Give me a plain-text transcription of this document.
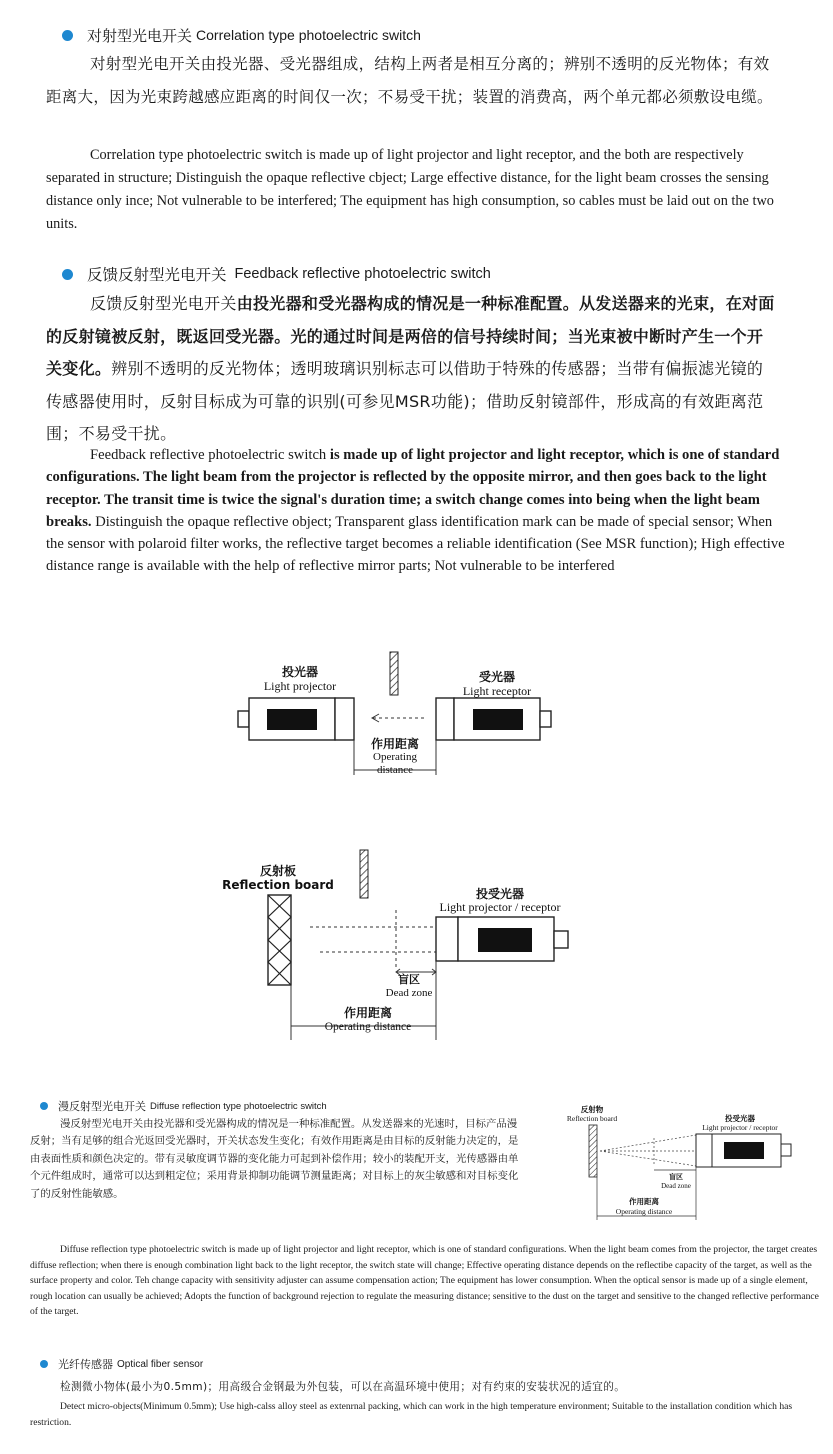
对射型光电开关 Correlation type photoelectric switch

对射型光电开关由投光器、受光器组成，结构上两者是相互分离的；辨别不透明的反光物体；有效距离大，因为光束跨越感应距离的时间仅一次；不易受干扰；装置的消费高，两个单元都必须敷设电缆。

Correlation type photoelectric switch is made up of light projector and light receptor, and the both are respectively separated in structure; Distinguish the opaque reflective cbject; Large effective distance, for the light beam crosses the sensing distance only ince; Not vulnerable to be interfered; The equipment has high consumption, so cables must be laid out on the two units.

反馈反射型光电开关 Feedback reflective photoelectric switch

反馈反射型光电开关由投光器和受光器构成的情况是一种标准配置。从发送器来的光束，在对面的反射镜被反射，既返回受光器。光的通过时间是两倍的信号持续时间；当光束被中断时产生一个开关变化。辨别不透明的反光物体；透明玻璃识别标志可以借助于特殊的传感器；当带有偏振滤光镜的传感器使用时，反射目标成为可靠的识别(可参见MSR功能)；借助反射镜部件，形成高的有效距离范围；不易受干扰。

Feedback reflective photoelectric switch is made up of light projector and light receptor, which is one of standard configurations. The light beam from the projector is reflected by the opposite mirror, and then goes back to the light receptor. The transit time is twice the signal's duration time; a switch change comes into being when the light beam breaks. Distinguish the opaque reflective object; Transparent glass identification mark can be made of special sensor; When the sensor with polaroid filter works, the reflective target becomes a reliable identification (See MSR function); High effective distance range is available with the help of reflective mirror parts; Not vulnerable to be interfered

投光器
Light projector
受光器
Light receptor
作用距离
Operating
distance
反射板
Reflection board
投受光器
Light projector / receptor
盲区
Dead zone
作用距离
Operating distance
漫反射型光电开关 Diffuse reflection type photoelectric switch

漫反射型光电开关由投光器和受光器构成的情况是一种标准配置。从发送器来的光速时，目标产品漫反射；当有足够的组合光返回受光器时，开关状态发生变化；有效作用距离是由目标的反射能力决定的，是由表面性质和颜色决定的。带有灵敏度调节器的变化能力可起到补偿作用；较小的装配开支，光传感器由单个元件组成时，通常可以达到粗定位；采用背景抑制功能调节测量距离；对目标上的灰尘敏感和对目标变化了的反射性能敏感。

反射物
Reflection board	投受光器
Light projector / receptor
盲区
Dead zone
作用距离
Operating distance

Diffuse reflection type photoelectric switch is made up of light projector and light receptor, which is one of standard configurations. When the light beam comes from the projector, the target creates diffuse reflection; when there is enough combination light back to the light receptor, the switch state will change; Effective operating distance depends on the reflectibe capacity of the target, as well as the surface property and color. Teh change capacity with sensitivity adjuster can assume compensation action; The equipment has lower consumption. When the optical sensor is made up of a single element, rough location can usually be achieved; Adopts the function of background rejection to regulate the measuring distance; sensitive to the dust on the target and sensitive to the changed reflective performance of the target.

光纤传感器 Optical fiber sensor

检测微小物体(最小为0.5mm)；用高级合金钢最为外包装，可以在高温环境中使用；对有约束的安装状况的适宜的。

Detect micro-objects(Minimum 0.5mm); Use high-calss alloy steel as extenrnal packing, which can work in the high temperature environment; Suitable to the installation condition which has restriction.
